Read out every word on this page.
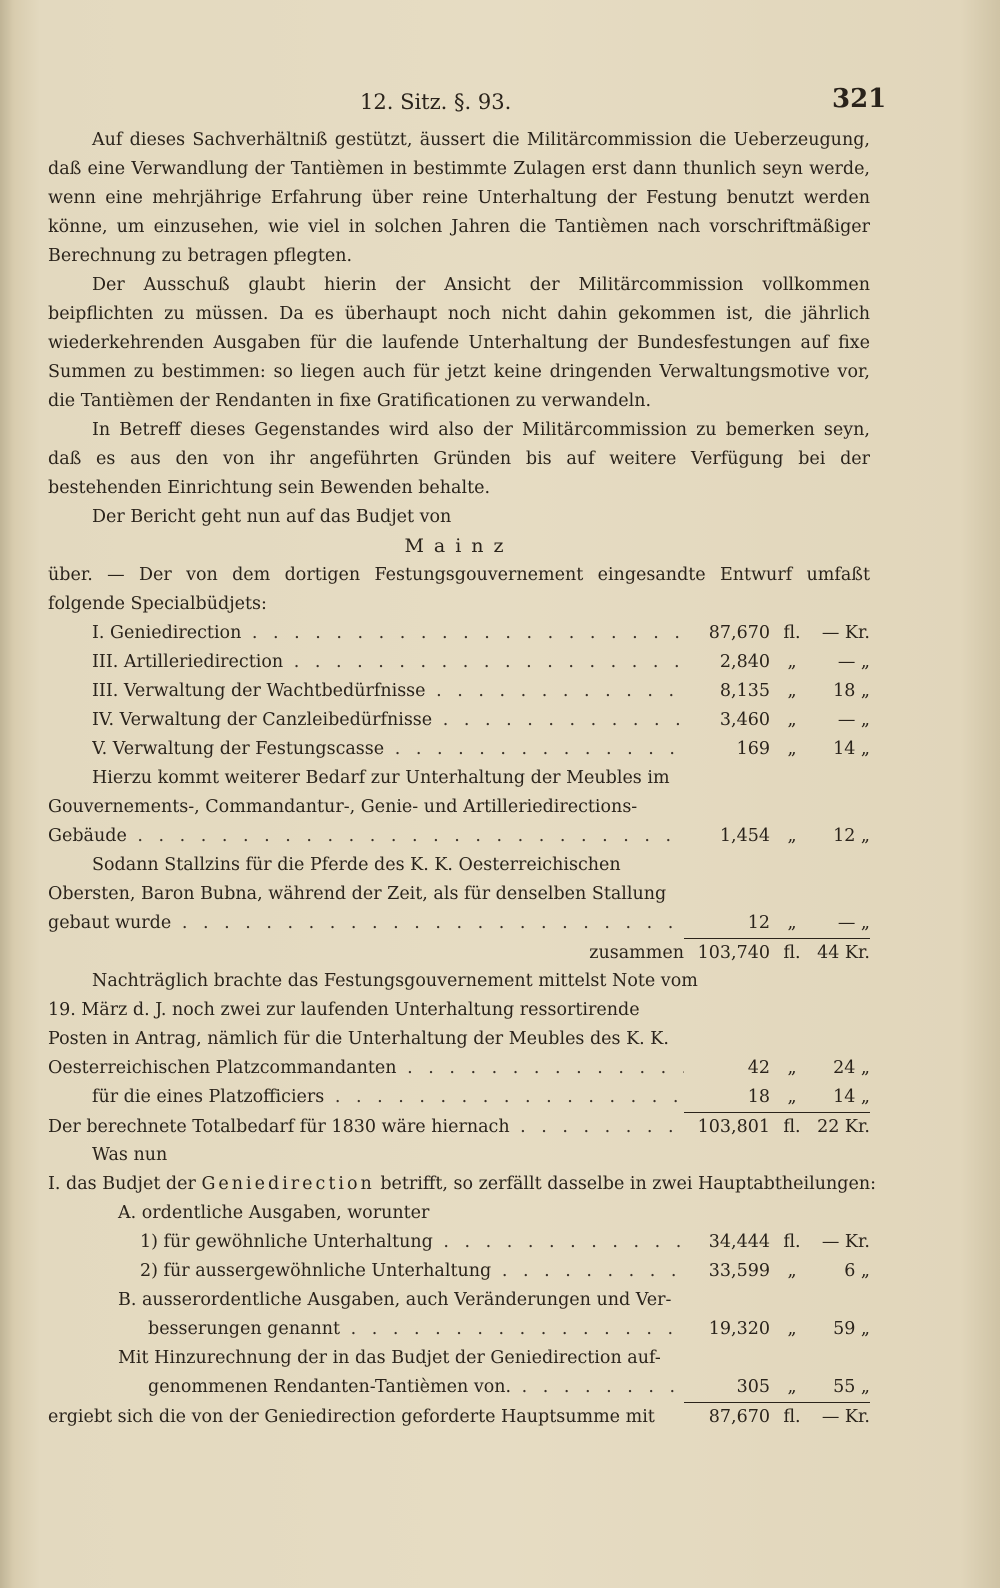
12. Sitz. §. 93.	321

Auf dieses Sachverhältniß gestützt, äussert die Militärcommission die Ueberzeugung, daß eine Verwandlung der Tantièmen in bestimmte Zulagen erst dann thunlich seyn werde, wenn eine mehrjährige Erfahrung über reine Unterhaltung der Festung benutzt werden könne, um einzusehen, wie viel in solchen Jahren die Tantièmen nach vorschriftmäßiger Berechnung zu betragen pflegten.

Der Ausschuß glaubt hierin der Ansicht der Militärcommission vollkommen beipflichten zu müssen. Da es überhaupt noch nicht dahin gekommen ist, die jährlich wiederkehrenden Ausgaben für die laufende Unterhaltung der Bundesfestungen auf fixe Summen zu bestimmen: so liegen auch für jetzt keine dringenden Verwaltungsmotive vor, die Tantièmen der Rendanten in fixe Gratificationen zu verwandeln.

In Betreff dieses Gegenstandes wird also der Militärcommission zu bemerken seyn, daß es aus den von ihr angeführten Gründen bis auf weitere Verfügung bei der bestehenden Einrichtung sein Bewenden behalte.

Der Bericht geht nun auf das Budjet von

Mainz

über. — Der von dem dortigen Festungsgouvernement eingesandte Entwurf umfaßt folgende Specialbüdjets:

I. Geniedirection . . .	87,670 fl.	— Kr.
III. Artilleriedirection . . .	2,840 „	— „
III. Verwaltung der Wachtbedürfnisse . . .	8,135 „	18 „
IV. Verwaltung der Canzleibedürfnisse . . .	3,460 „	— „
V. Verwaltung der Festungscasse . . .	169 „	14 „
Hierzu kommt weiterer Bedarf zur Unterhaltung der Meubles im
Gouvernements-, Commandantur-, Genie- und Artilleriedirections-
Gebäude . . .	1,454 „	12 „
Sodann Stallzins für die Pferde des K. K. Oesterreichischen
Obersten, Baron Bubna, während der Zeit, als für denselben Stallung
gebaut wurde . . .	12 „	— „
zusammen 103,740 fl. 44 Kr.
Nachträglich brachte das Festungsgouvernement mittelst Note vom
19. März d. J. noch zwei zur laufenden Unterhaltung ressortirende
Posten in Antrag, nämlich für die Unterhaltung der Meubles des K. K.
Oesterreichischen Platzcommandanten . . .	42 „	24 „
für die eines Platzofficiers . . .	18 „	14 „
Der berechnete Totalbedarf für 1830 wäre hiernach . . .	103,801 fl. 22 Kr.
Was nun
I. das Budjet der Geniedirection betrifft, so zerfällt dasselbe in zwei Hauptabtheilungen:
A. ordentliche Ausgaben, worunter
1) für gewöhnliche Unterhaltung . . .	34,444 fl.	— Kr.
2) für aussergewöhnliche Unterhaltung . . .	33,599 „	6 „
B. ausserordentliche Ausgaben, auch Veränderungen und Ver-
besserungen genannt . . .	19,320 „	59 „
Mit Hinzurechnung der in das Budjet der Geniedirection auf-
genommenen Rendanten-Tantièmen von. . . .	305 „	55 „
ergiebt sich die von der Geniedirection geforderte Hauptsumme mit	87,670 fl.	— Kr.
